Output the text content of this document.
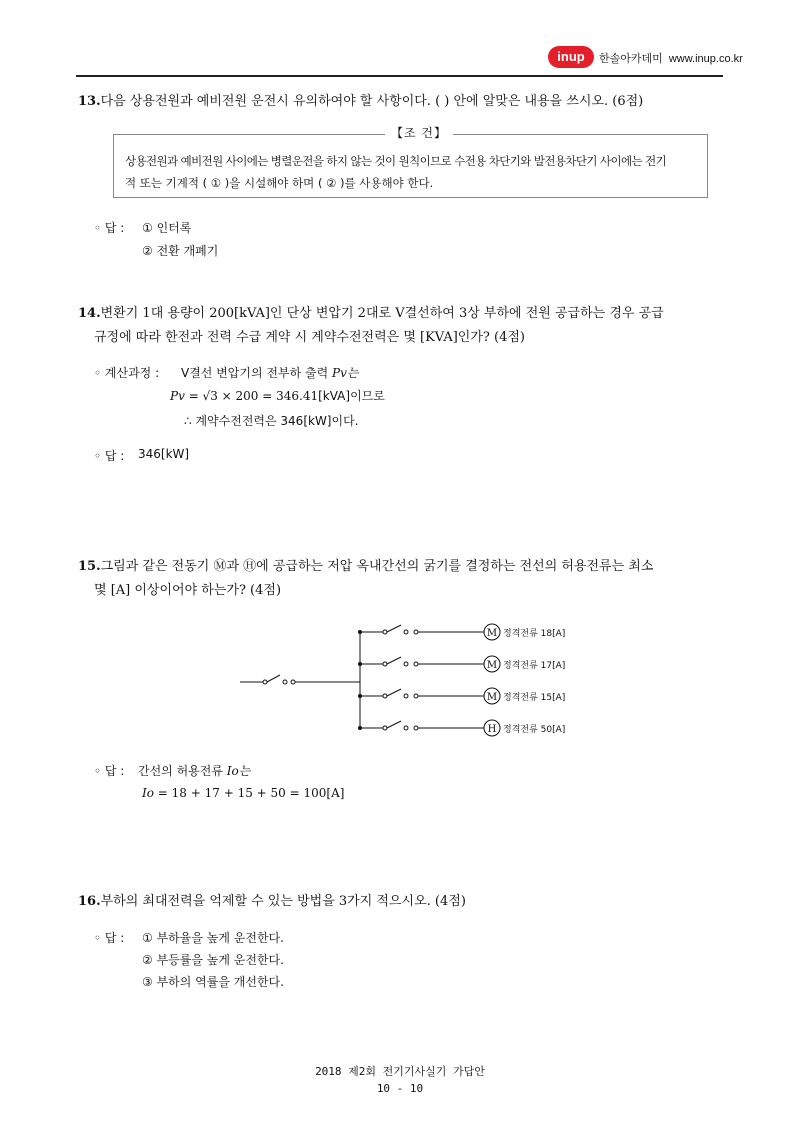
inup	한솔아카데미 www.inup.co.kr
13.다음 상용전원과 예비전원 운전시 유의하여야 할 사항이다. ( ) 안에 알맞은 내용을 쓰시오. (6점)
【조 건】
상용전원과 예비전원 사이에는 병렬운전을 하지 않는 것이 원칙이므로 수전용 차단기와 발전용차단기 사이에는 전기
적 또는 기계적 ( ① )을 시설해야 하며 ( ② )를 사용해야 한다.
◦ 답 : ① 인터록
② 전환 개폐기
14.변환기 1대 용량이 200[kVA]인 단상 변압기 2대로 V결선하여 3상 부하에 전원 공급하는 경우 공급
규정에 따라 한전과 전력 수급 계약 시 계약수전전력은 몇 [KVA]인가? (4점)
◦ 계산과정 : V결선 변압기의 전부하 출력 Pv는
Pv = √3 × 200 = 346.41[kVA]이므로
∴ 계약수전전력은 346[kW]이다.
◦ 답 : 346[kW]
15.그림과 같은 전동기 Ⓜ과 Ⓗ에 공급하는 저압 옥내간선의 굵기를 결정하는 전선의 허용전류는 최소
몇 [A] 이상이어야 하는가? (4점)
M 정격전류 18[A]
M 정격전류 17[A]
M 정격전류 15[A]
H 정격전류 50[A]
◦ 답 : 간선의 허용전류 Io는
Io = 18 + 17 + 15 + 50 = 100[A]
16.부하의 최대전력을 억제할 수 있는 방법을 3가지 적으시오. (4점)
◦ 답 : ① 부하율을 높게 운전한다.
② 부등률을 높게 운전한다.
③ 부하의 역률을 개선한다.
2018 제2회 전기기사실기 가답안
10 - 10
